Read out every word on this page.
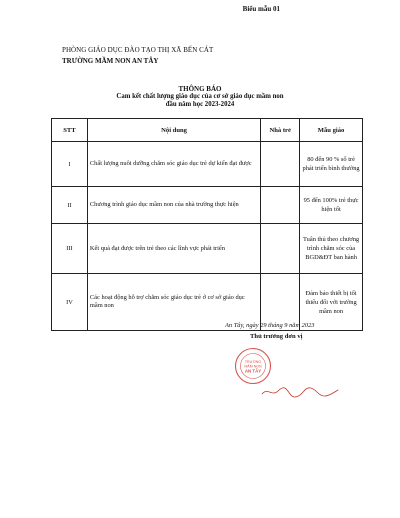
Biểu mẫu 01
PHÒNG GIÁO DỤC ĐÀO TẠO THỊ XÃ BẾN CÁT
TRƯỜNG MẦM NON AN TÂY
THÔNG BÁO
Cam kết chất lượng giáo dục của cơ sở giáo dục mầm non
đầu năm học 2023-2024
STT	Nội dung	Nhà trẻ	Mẫu giáo
I	Chất lượng nuôi dưỡng chăm sóc giáo dục trẻ dự kiến đạt được		80 đến 90 % số trẻ phát triển bình thường
II	Chương trình giáo dục mầm non của nhà trường thực hiện		95 đến 100% trẻ thực hiện tốt
III	Kết quả đạt được trên trẻ theo các lĩnh vực phát triển		Tuân thủ theo chương trình chăm sóc của BGD&ĐT ban hành
IV	Các hoạt động hỗ trợ chăm sóc giáo dục trẻ ở cơ sở giáo dục mầm non		Đảm bảo thiết bị tối thiểu đối với trường mầm non
An Tây, ngày 29 tháng 9 năm 2023
Thủ trưởng đơn vị
TRƯỜNG
MẦM NON
AN TÂY
